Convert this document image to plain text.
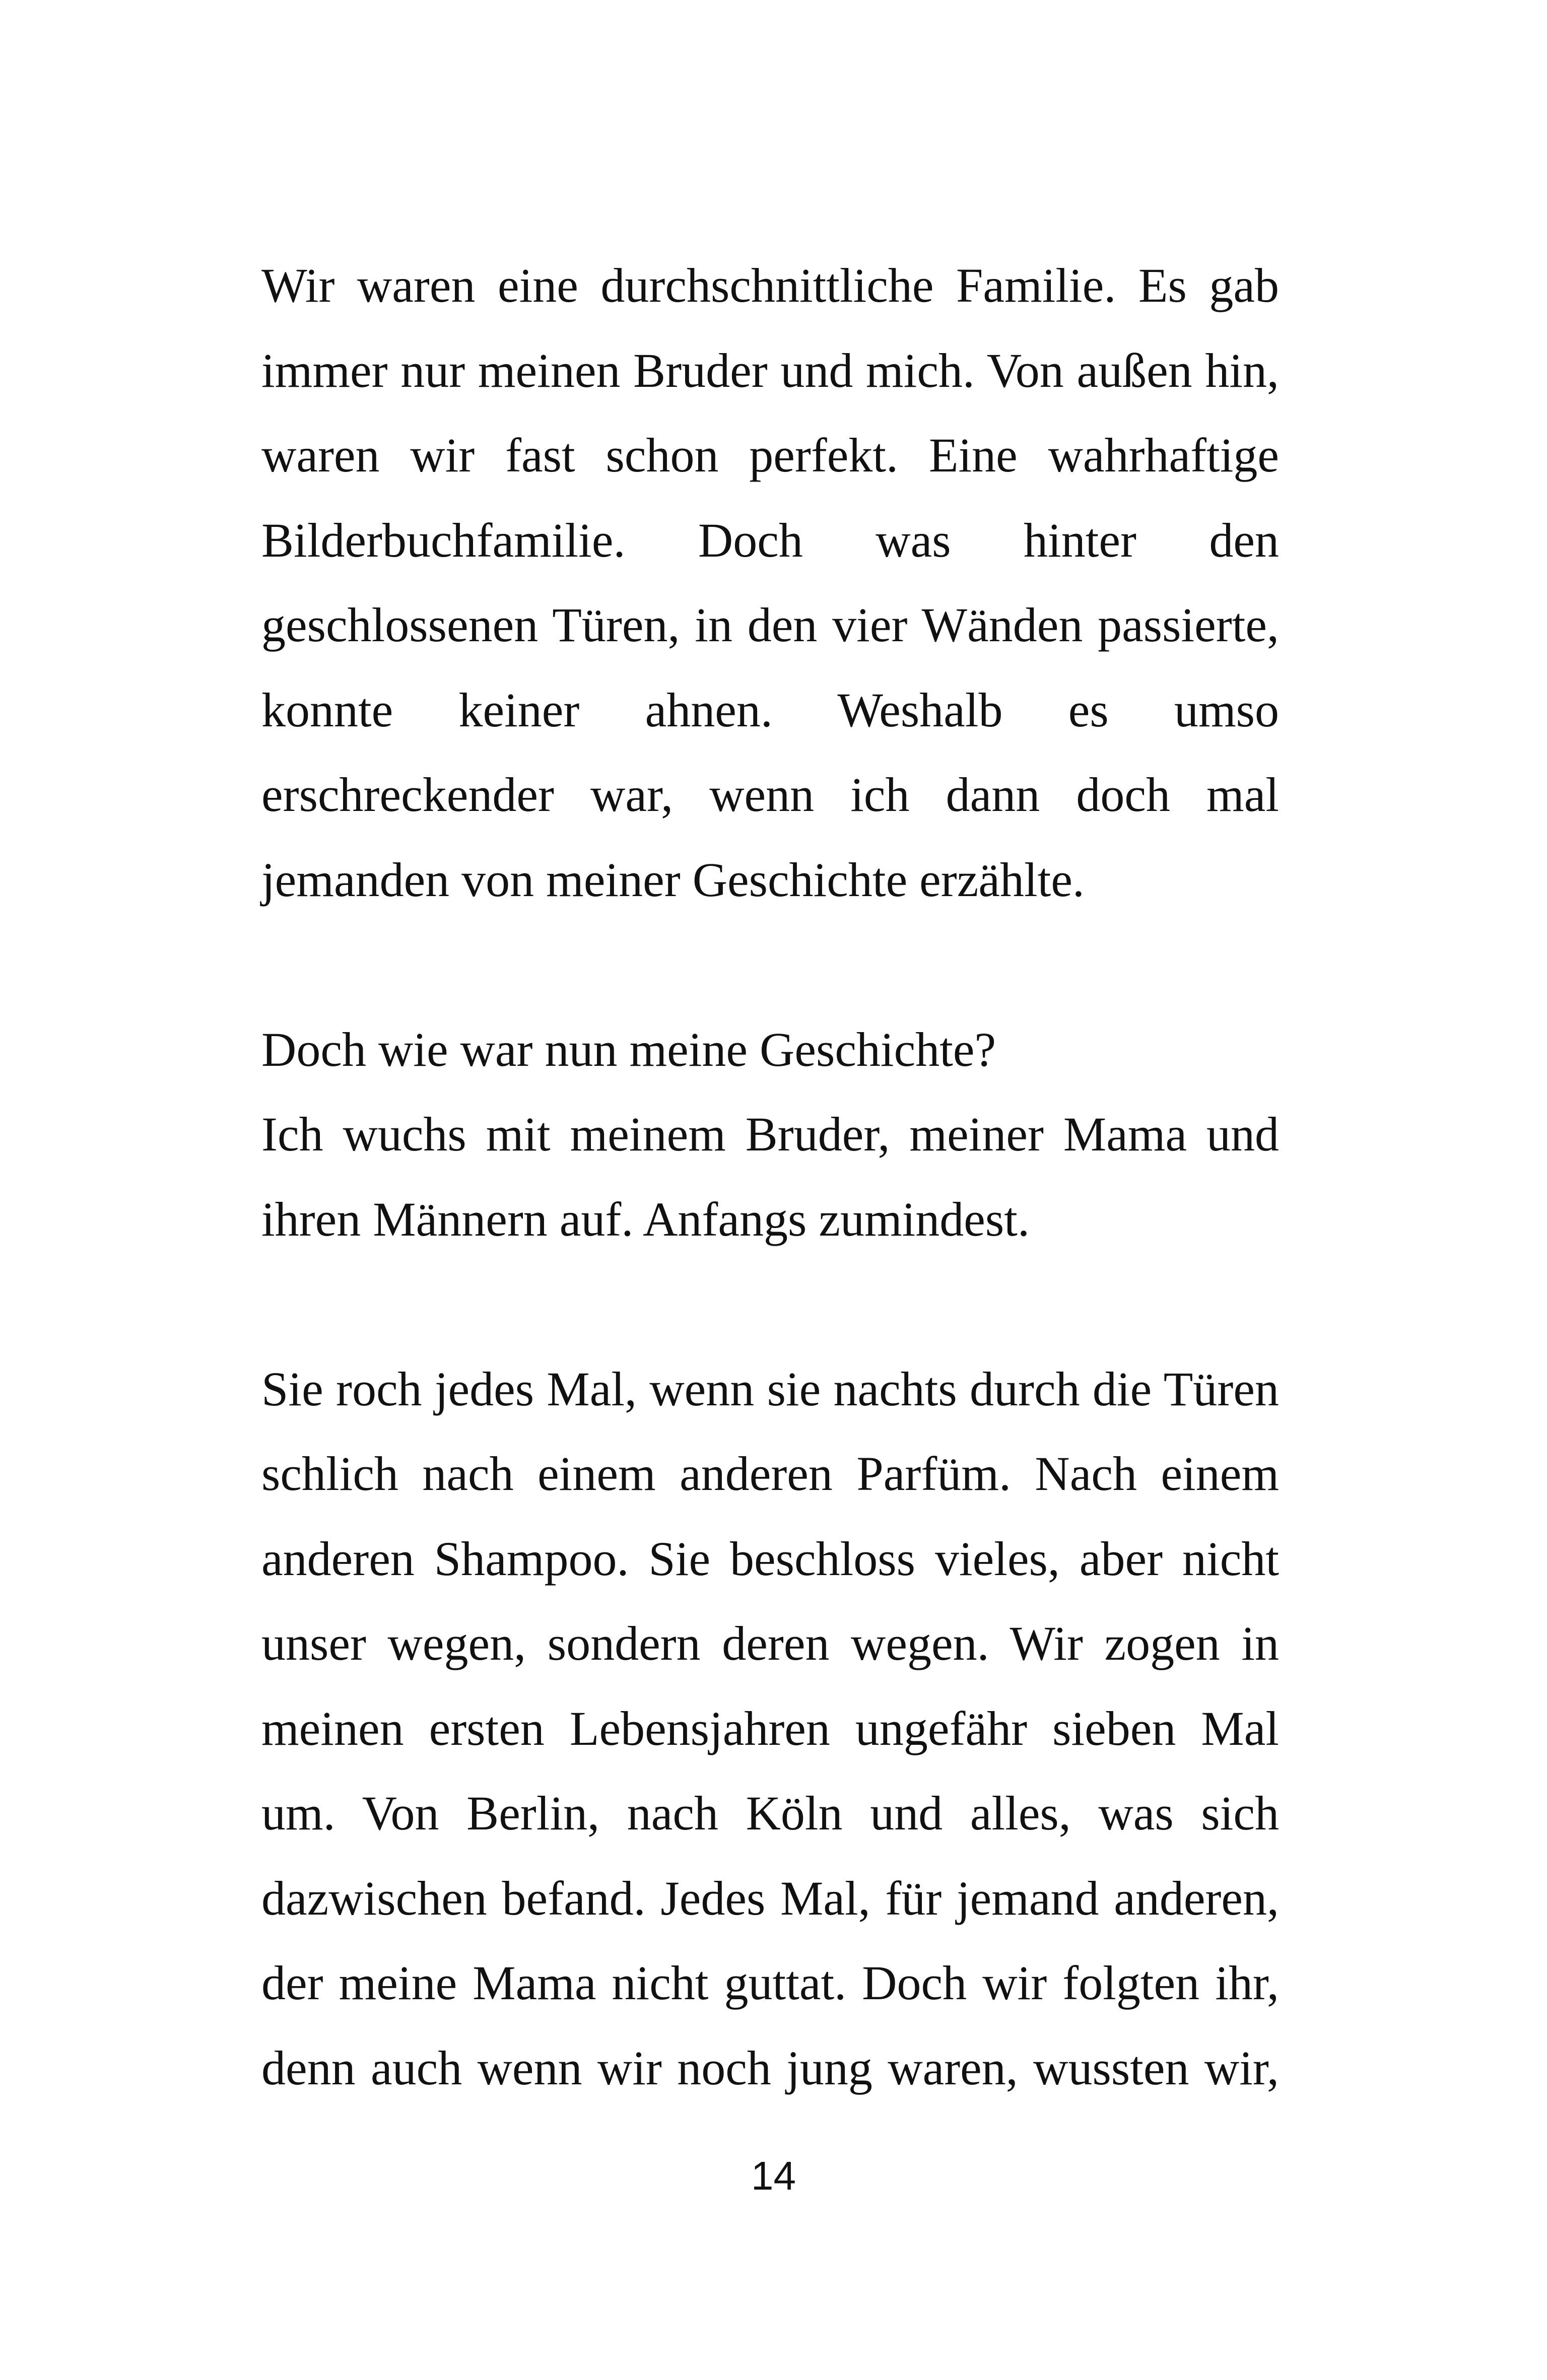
Wir waren eine durchschnittliche Familie. Es gab
immer nur meinen Bruder und mich. Von außen hin,
waren wir fast schon perfekt. Eine wahrhaftige
Bilderbuchfamilie. Doch was hinter den
geschlossenen Türen, in den vier Wänden passierte,
konnte keiner ahnen. Weshalb es umso
erschreckender war, wenn ich dann doch mal
jemanden von meiner Geschichte erzählte.
Doch wie war nun meine Geschichte?
Ich wuchs mit meinem Bruder, meiner Mama und
ihren Männern auf. Anfangs zumindest.
Sie roch jedes Mal, wenn sie nachts durch die Türen
schlich nach einem anderen Parfüm. Nach einem
anderen Shampoo. Sie beschloss vieles, aber nicht
unser wegen, sondern deren wegen. Wir zogen in
meinen ersten Lebensjahren ungefähr sieben Mal
um. Von Berlin, nach Köln und alles, was sich
dazwischen befand. Jedes Mal, für jemand anderen,
der meine Mama nicht guttat. Doch wir folgten ihr,
denn auch wenn wir noch jung waren, wussten wir,
14
